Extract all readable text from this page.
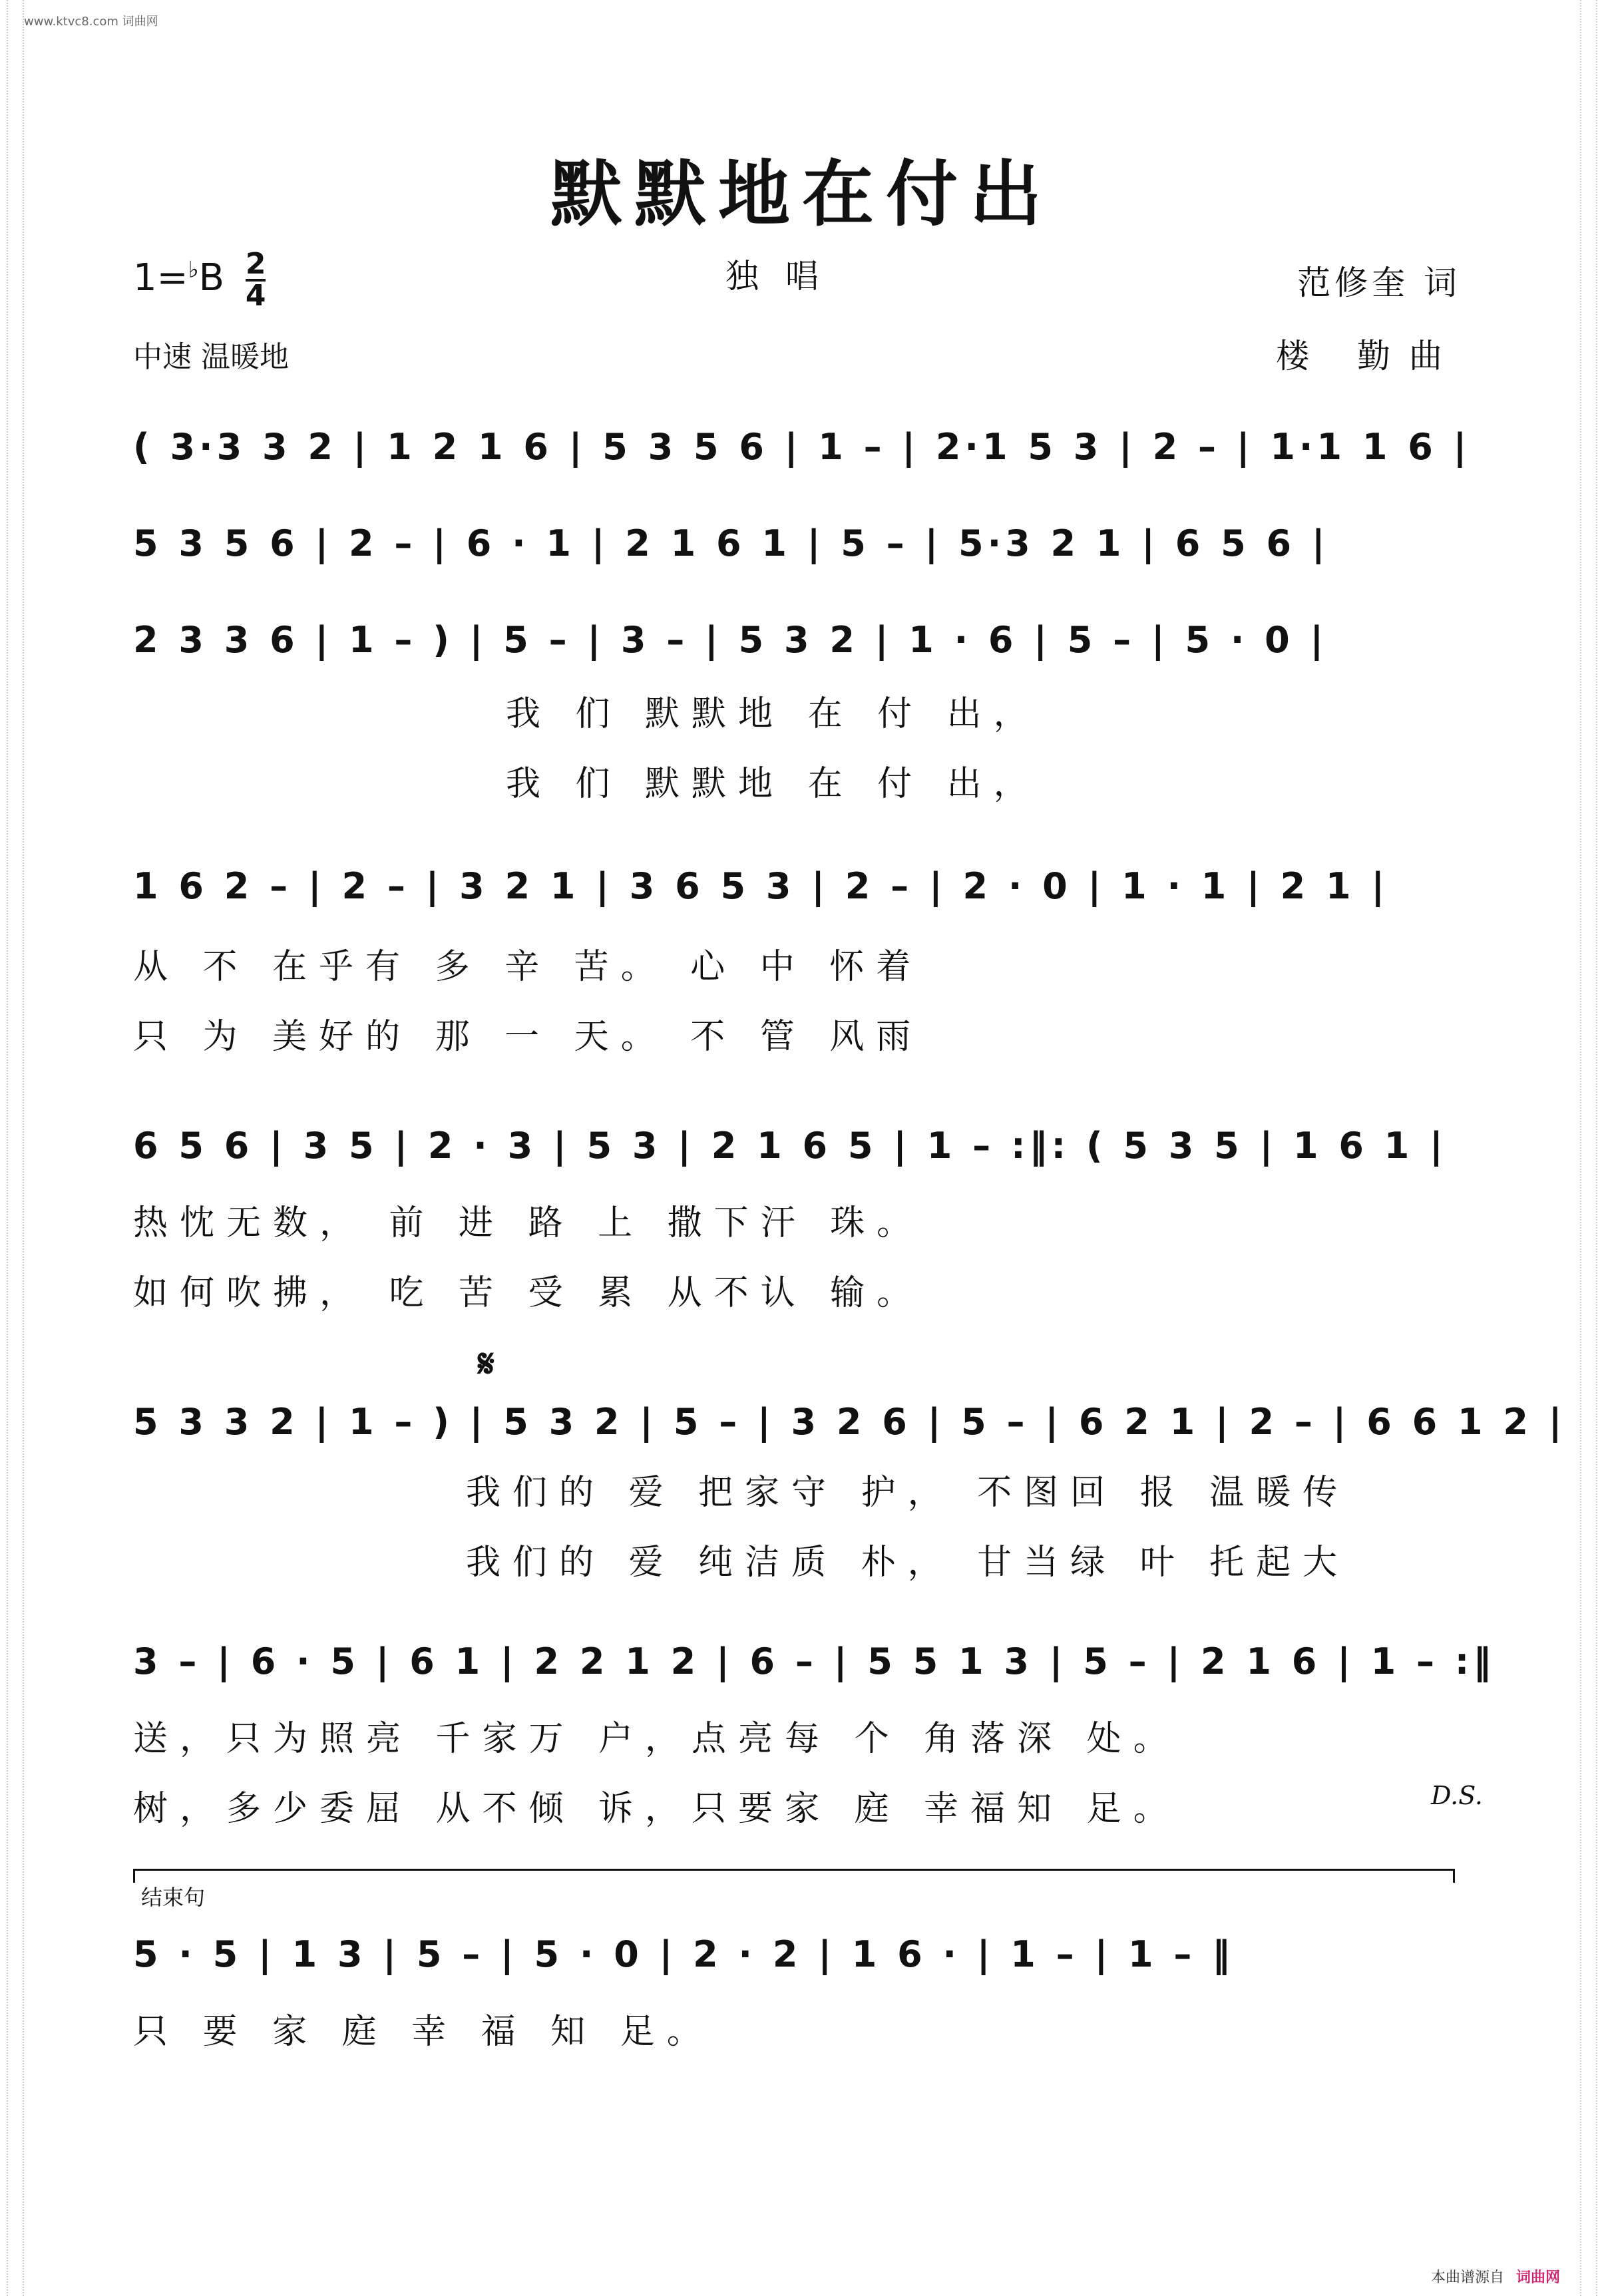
www.ktvc8.com 词曲网
默默地在付出
$1=^♭B \frac{2}{4}$	独唱	范修奎 词
中速 温暖地	楼 勤曲
( 3·3 3 2 | 1 2 1 6 | 5 3 5 6 | 1 – | 2·1 5 3 | 2 – | 1·1 1 6 |
5 3 5 6 | 2 – | 6 · 1 | 2 1 6 1 | 5 – | 5·3 2 1 | 6 5 6 |
2 3 3 6 | 1 – ) | 5 – | 3 – | 5 3 2 | 1 · 6 | 5 – | 5 · 0 |
我 们 默默地 在 付 出，
我 们 默默地 在 付 出，
1 6 2 – | 2 – | 3 2 1 | 3 6 5 3 | 2 – | 2 · 0 | 1 · 1 | 2 1 |
从 不 在乎有 多 辛 苦。 心 中 怀着
只 为 美好的 那 一 天。 不 管 风雨
6 5 6 | 3 5 | 2 · 3 | 5 3 | 2 1 6 5 | 1 – :‖: ( 5 3 5 | 1 6 1 |
热忱无数， 前 进 路 上 撒下汗 珠。
如何吹拂， 吃 苦 受 累 从不认 输。
𝄋
5 3 3 2 | 1 – ) | 5 3 2 | 5 – | 3 2 6 | 5 – | 6 2 1 | 2 – | 6 6 1 2 |
我们的 爱 把家守 护， 不图回 报 温暖传
我们的 爱 纯洁质 朴， 甘当绿 叶 托起大
3 – | 6 · 5 | 6 1 | 2 2 1 2 | 6 – | 5 5 1 3 | 5 – | 2 1 6 | 1 – :‖
送，只为照亮 千家万 户，点亮每 个 角落深 处。
树，多少委屈 从不倾 诉，只要家 庭 幸福知 足。	D.S.
结束句
5 · 5 | 1 3 | 5 – | 5 · 0 | 2 · 2 | 1 6 · | 1 – | 1 – ‖
只 要 家 庭 幸 福 知 足。
本曲谱源自 词曲网
